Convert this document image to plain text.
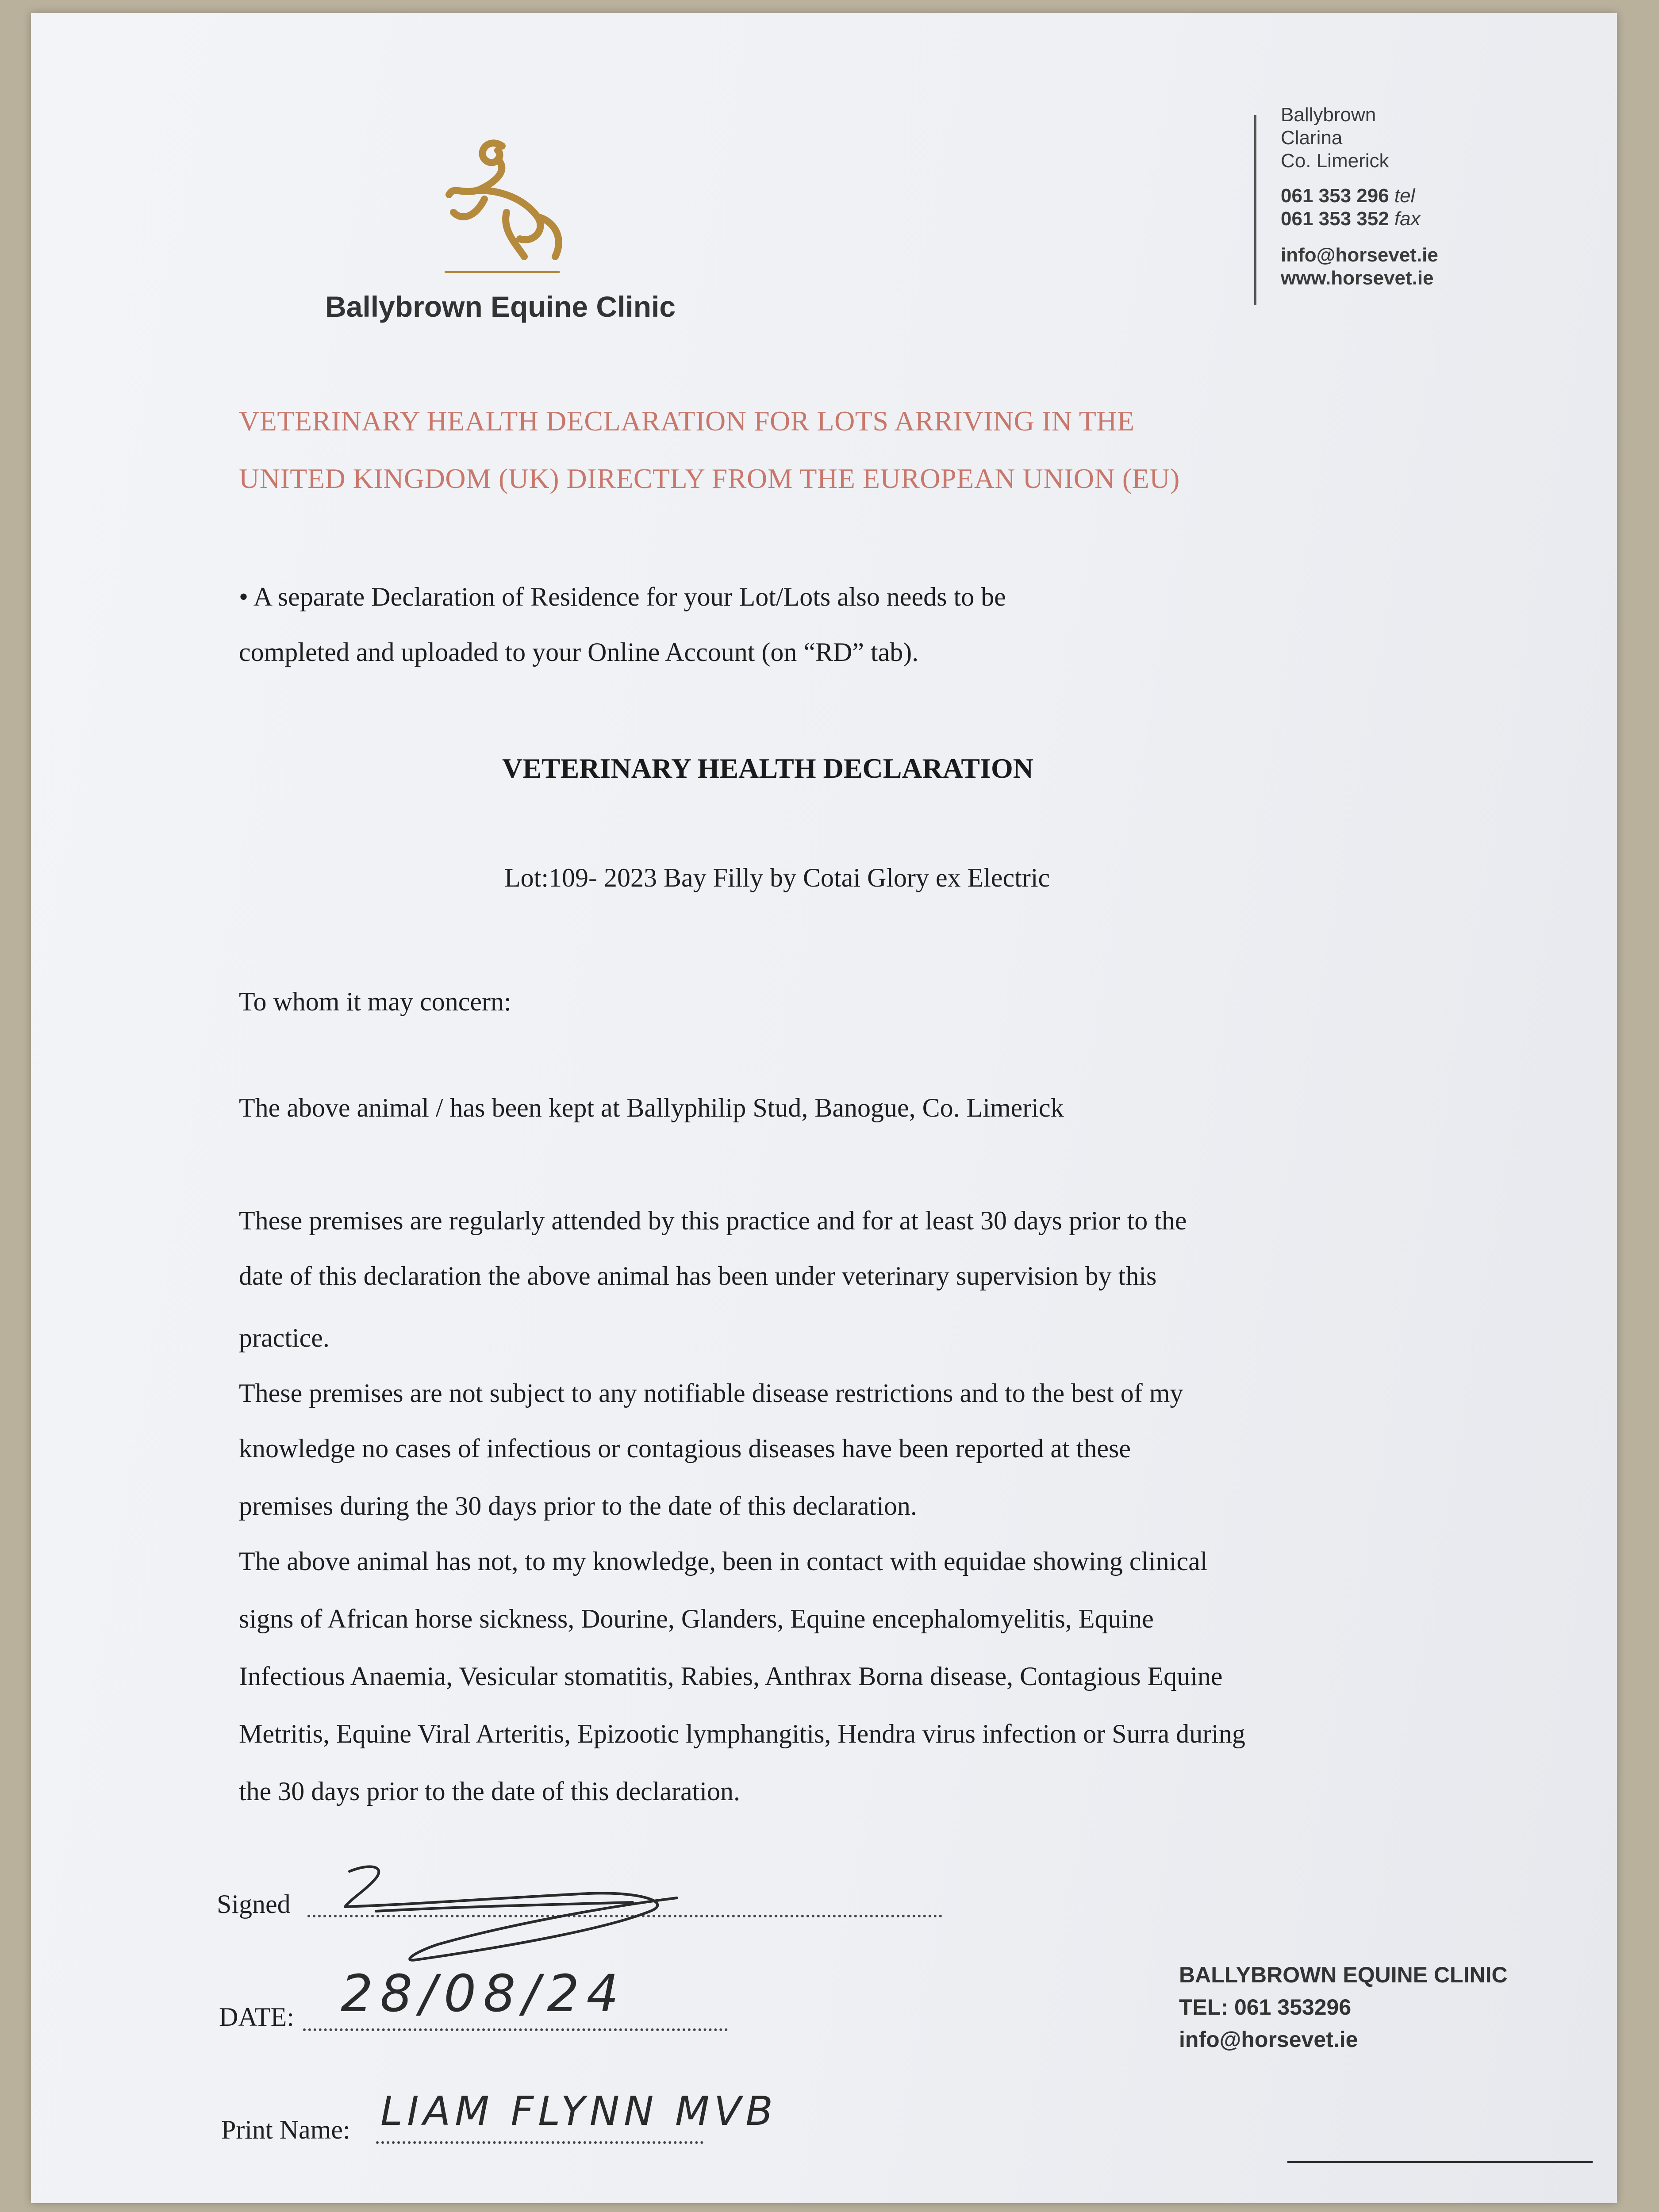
Ballybrown Equine Clinic
Ballybrown
Clarina
Co. Limerick
061 353 296 tel
061 353 352 fax
info@horsevet.ie
www.horsevet.ie
VETERINARY HEALTH DECLARATION FOR LOTS ARRIVING IN THE
UNITED KINGDOM (UK) DIRECTLY FROM THE EUROPEAN UNION (EU)
• A separate Declaration of Residence for your Lot/Lots also needs to be
completed and uploaded to your Online Account (on “RD” tab).
VETERINARY HEALTH DECLARATION
Lot:109- 2023 Bay Filly by Cotai Glory ex Electric
To whom it may concern:
The above animal / has been kept at Ballyphilip Stud, Banogue, Co. Limerick
These premises are regularly attended by this practice and for at least 30 days prior to the
date of this declaration the above animal has been under veterinary supervision by this
practice.
These premises are not subject to any notifiable disease restrictions and to the best of my
knowledge no cases of infectious or contagious diseases have been reported at these
premises during the 30 days prior to the date of this declaration.
The above animal has not, to my knowledge, been in contact with equidae showing clinical
signs of African horse sickness, Dourine, Glanders, Equine encephalomyelitis, Equine
Infectious Anaemia, Vesicular stomatitis, Rabies, Anthrax Borna disease, Contagious Equine
Metritis, Equine Viral Arteritis, Epizootic lymphangitis, Hendra virus infection or Surra during
the 30 days prior to the date of this declaration.
Signed
DATE: 28/08/24
Print Name: LIAM FLYNN MVB
BALLYBROWN EQUINE CLINIC
TEL: 061 353296
info@horsevet.ie
